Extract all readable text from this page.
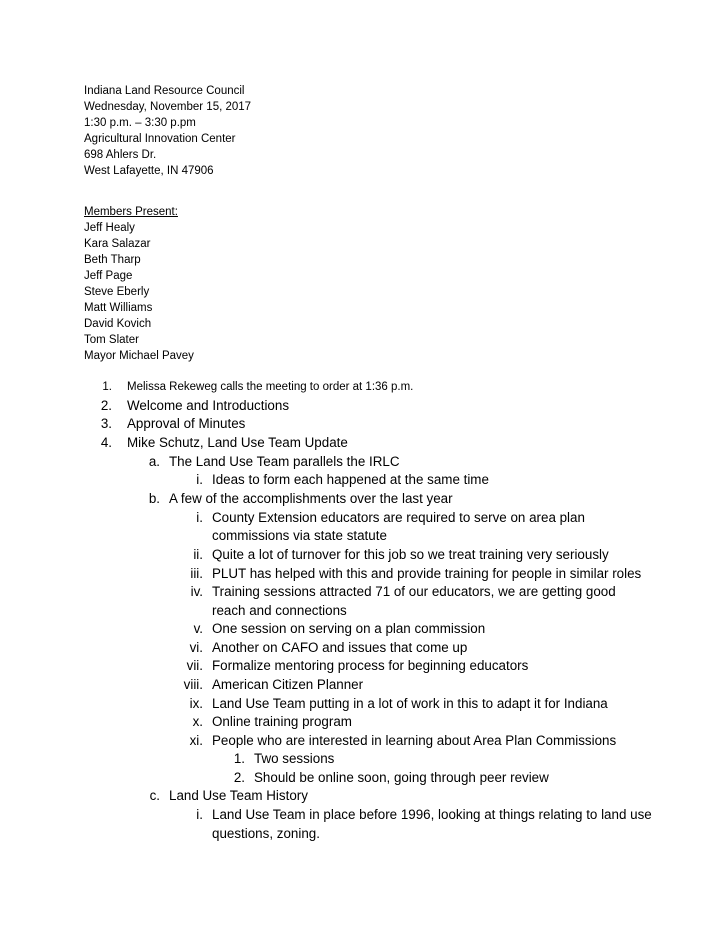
Indiana Land Resource Council
Wednesday, November 15, 2017
1:30 p.m. – 3:30 p.pm
Agricultural Innovation Center
698 Ahlers Dr.
West Lafayette, IN 47906
Members Present:
Jeff Healy
Kara Salazar
Beth Tharp
Jeff Page
Steve Eberly
Matt Williams
David Kovich
Tom Slater
Mayor Michael Pavey
1. Melissa Rekeweg calls the meeting to order at 1:36 p.m.
2. Welcome and Introductions
3. Approval of Minutes
4. Mike Schutz, Land Use Team Update
a. The Land Use Team parallels the IRLC
i. Ideas to form each happened at the same time
b. A few of the accomplishments over the last year
i. County Extension educators are required to serve on area plan
commissions via state statute
ii. Quite a lot of turnover for this job so we treat training very seriously
iii. PLUT has helped with this and provide training for people in similar roles
iv. Training sessions attracted 71 of our educators, we are getting good
reach and connections
v. One session on serving on a plan commission
vi. Another on CAFO and issues that come up
vii. Formalize mentoring process for beginning educators
viii. American Citizen Planner
ix. Land Use Team putting in a lot of work in this to adapt it for Indiana
x. Online training program
xi. People who are interested in learning about Area Plan Commissions
1. Two sessions
2. Should be online soon, going through peer review
c. Land Use Team History
i. Land Use Team in place before 1996, looking at things relating to land use
questions, zoning.
